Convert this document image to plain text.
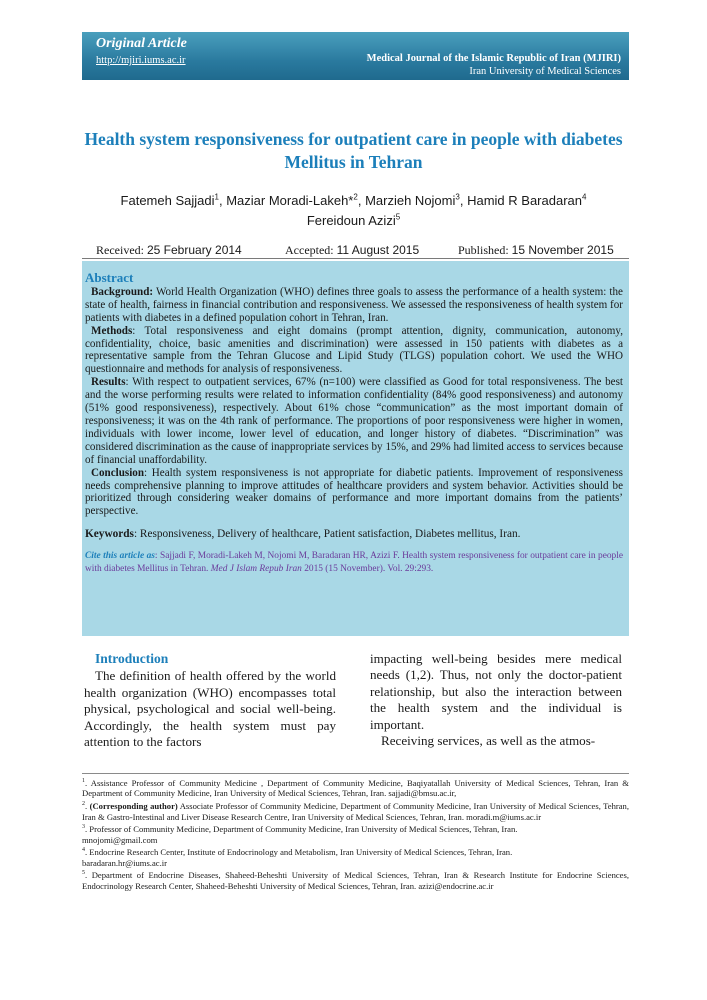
Original Article
http://mjiri.iums.ac.ir	Medical Journal of the Islamic Republic of Iran (MJIRI)
Iran University of Medical Sciences
Health system responsiveness for outpatient care in people with diabetes Mellitus in Tehran
Fatemeh Sajjadi$^1$, Maziar Moradi-Lakeh*$^2$, Marzieh Nojomi$^3$, Hamid R Baradaran$^4$
Fereidoun Azizi$^5$
Received: 25 February 2014	Accepted: 11 August 2015	Published: 15 November 2015
Abstract

Background: World Health Organization (WHO) defines three goals to assess the performance of a health system: the state of health, fairness in financial contribution and responsiveness. We assessed the responsiveness of health system for patients with diabetes in a defined population cohort in Tehran, Iran.

Methods: Total responsiveness and eight domains (prompt attention, dignity, communication, autonomy, confidentiality, choice, basic amenities and discrimination) were assessed in 150 patients with diabetes as a representative sample from the Tehran Glucose and Lipid Study (TLGS) population cohort. We used the WHO questionnaire and methods for analysis of responsiveness.

Results: With respect to outpatient services, 67% (n=100) were classified as Good for total responsiveness. The best and the worse performing results were related to information confidentiality (84% good responsiveness) and autonomy (51% good responsiveness), respectively. About 61% chose “communication” as the most important domain of responsiveness; it was on the 4th rank of performance. The proportions of poor responsiveness were higher in women, individuals with lower income, lower level of education, and longer history of diabetes. “Discrimination” was considered discrimination as the cause of inappropriate services by 15%, and 29% had limited access to services because of financial unaffordability.

Conclusion: Health system responsiveness is not appropriate for diabetic patients. Improvement of responsiveness needs comprehensive planning to improve attitudes of healthcare providers and system behavior. Activities should be prioritized through considering weaker domains of performance and more important domains from the patients’ perspective.

Keywords: Responsiveness, Delivery of healthcare, Patient satisfaction, Diabetes mellitus, Iran.

Cite this article as: Sajjadi F, Moradi-Lakeh M, Nojomi M, Baradaran HR, Azizi F. Health system responsiveness for outpatient care in people with diabetes Mellitus in Tehran. Med J Islam Repub Iran 2015 (15 November). Vol. 29:293.

Introduction

The definition of health offered by the world health organization (WHO) encompasses total physical, psychological and social well-being. Accordingly, the health system must pay attention to the factors

impacting well-being besides mere medical needs (1,2). Thus, not only the doctor-patient relationship, but also the interaction between the health system and the individual is important.

Receiving services, as well as the atmos-

$^1$. Assistance Professor of Community Medicine , Department of Community Medicine, Baqiyatallah University of Medical Sciences, Tehran, Iran & Department of Community Medicine, Iran University of Medical Sciences, Tehran, Iran. sajjadi@bmsu.ac.ir,

$^2$. (Corresponding author) Associate Professor of Community Medicine, Department of Community Medicine, Iran University of Medical Sciences, Tehran, Iran & Gastro-Intestinal and Liver Disease Research Centre, Iran University of Medical Sciences, Tehran, Iran. moradi.m@iums.ac.ir

$^3$. Professor of Community Medicine, Department of Community Medicine, Iran University of Medical Sciences, Tehran, Iran.
mnojomi@gmail.com

$^4$. Endocrine Research Center, Institute of Endocrinology and Metabolism, Iran University of Medical Sciences, Tehran, Iran.
baradaran.hr@iums.ac.ir

$^5$. Department of Endocrine Diseases, Shaheed-Beheshti University of Medical Sciences, Tehran, Iran & Research Institute for Endocrine Sciences, Endocrinology Research Center, Shaheed-Beheshti University of Medical Sciences, Tehran, Iran. azizi@endocrine.ac.ir
